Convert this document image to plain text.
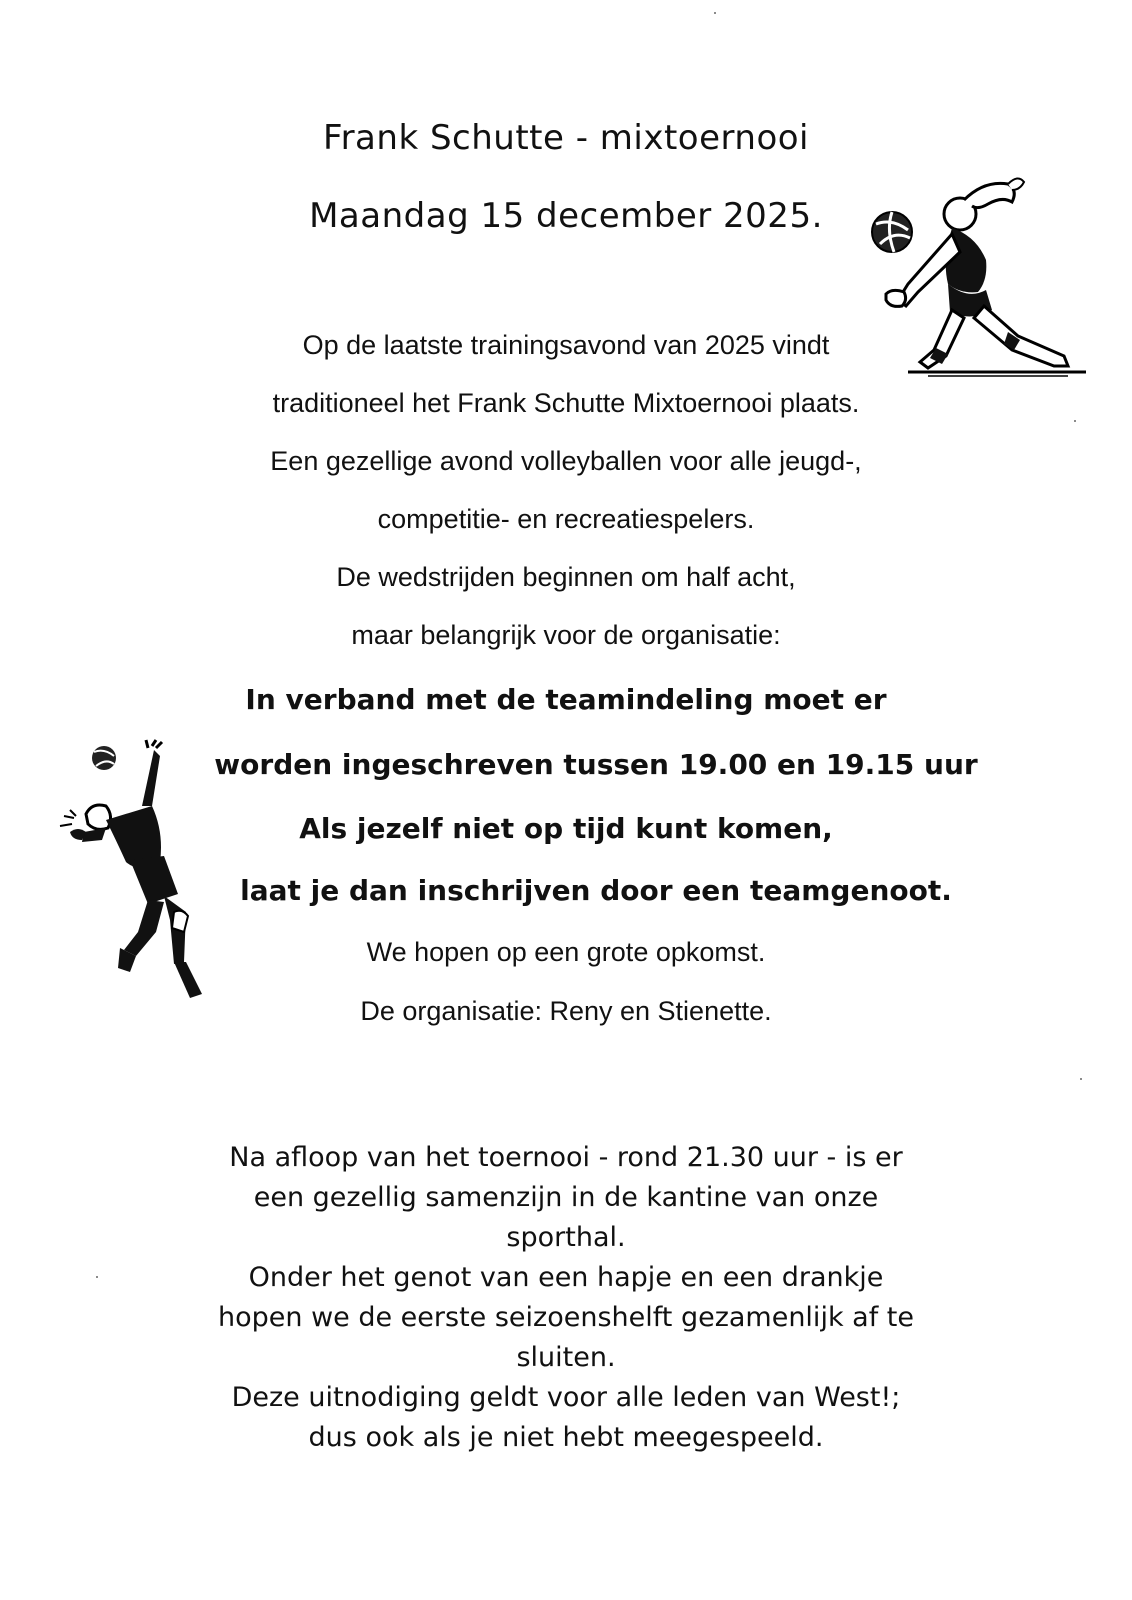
Frank Schutte - mixtoernooi
Maandag 15 december 2025.
Op de laatste trainingsavond van 2025 vindt
traditioneel het Frank Schutte Mixtoernooi plaats.
Een gezellige avond volleyballen voor alle jeugd-,
competitie- en recreatiespelers.
De wedstrijden beginnen om half acht,
maar belangrijk voor de organisatie:
In verband met de teamindeling moet er
worden ingeschreven tussen 19.00 en 19.15 uur
Als jezelf niet op tijd kunt komen,
laat je dan inschrijven door een teamgenoot.
We hopen op een grote opkomst.
De organisatie: Reny en Stienette.
Na afloop van het toernooi - rond 21.30 uur - is er
een gezellig samenzijn in de kantine van onze
sporthal.
Onder het genot van een hapje en een drankje
hopen we de eerste seizoenshelft gezamenlijk af te
sluiten.
Deze uitnodiging geldt voor alle leden van West!;
dus ook als je niet hebt meegespeeld.
